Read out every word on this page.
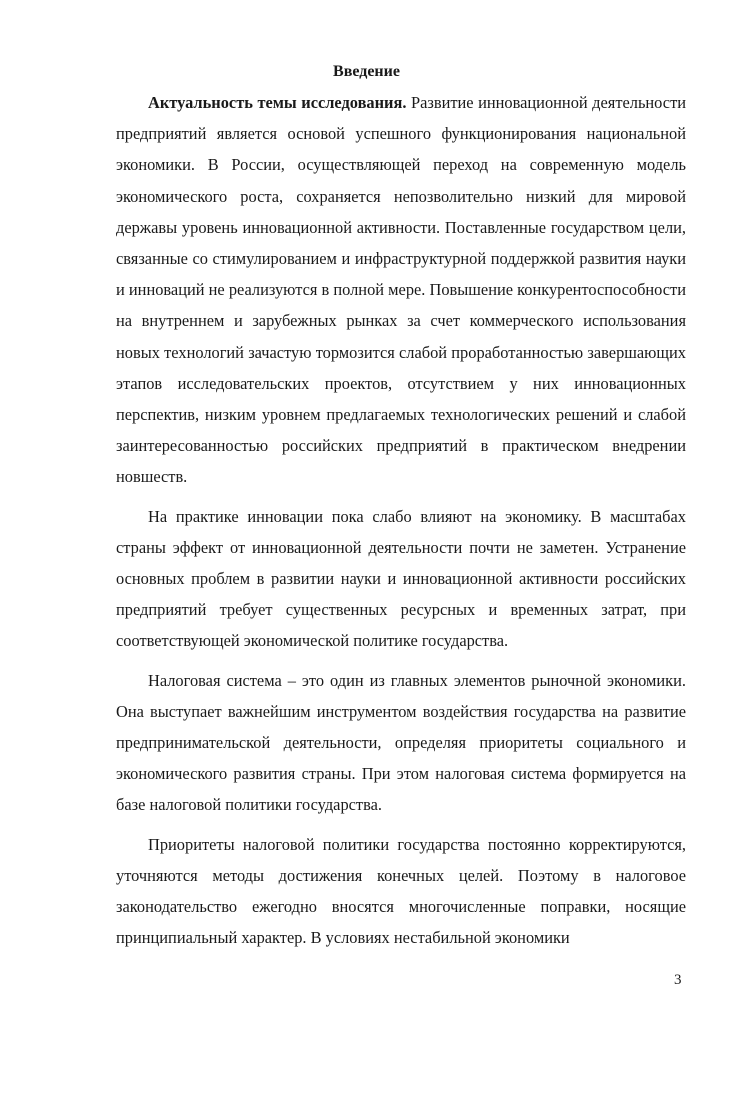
Введение

Актуальность темы исследования. Развитие инновационной деятельности предприятий является основой успешного функционирования национальной экономики. В России, осуществляющей переход на современную модель экономического роста, сохраняется непозволительно низкий для мировой державы уровень инновационной активности. Поставленные государством цели, связанные со стимулированием и инфраструктурной поддержкой развития науки и инноваций не реализуются в полной мере. Повышение конкурентоспособности на внутреннем и зарубежных рынках за счет коммерческого использования новых технологий зачастую тормозится слабой проработанностью завершающих этапов исследовательских проектов, отсутствием у них инновационных перспектив, низким уровнем предлагаемых технологических решений и слабой заинтересованностью российских предприятий в практическом внедрении новшеств.

На практике инновации пока слабо влияют на экономику. В масштабах страны эффект от инновационной деятельности почти не заметен. Устранение основных проблем в развитии науки и инновационной активности российских предприятий требует существенных ресурсных и временных затрат, при соответствующей экономической политике государства.

Налоговая система – это один из главных элементов рыночной экономики. Она выступает важнейшим инструментом воздействия государства на развитие предпринимательской деятельности, определяя приоритеты социального и экономического развития страны. При этом налоговая система формируется на базе налоговой политики государства.

Приоритеты налоговой политики государства постоянно корректируются, уточняются методы достижения конечных целей. Поэтому в налоговое законодательство ежегодно вносятся многочисленные поправки, носящие принципиальный характер. В условиях нестабильной экономики

3
